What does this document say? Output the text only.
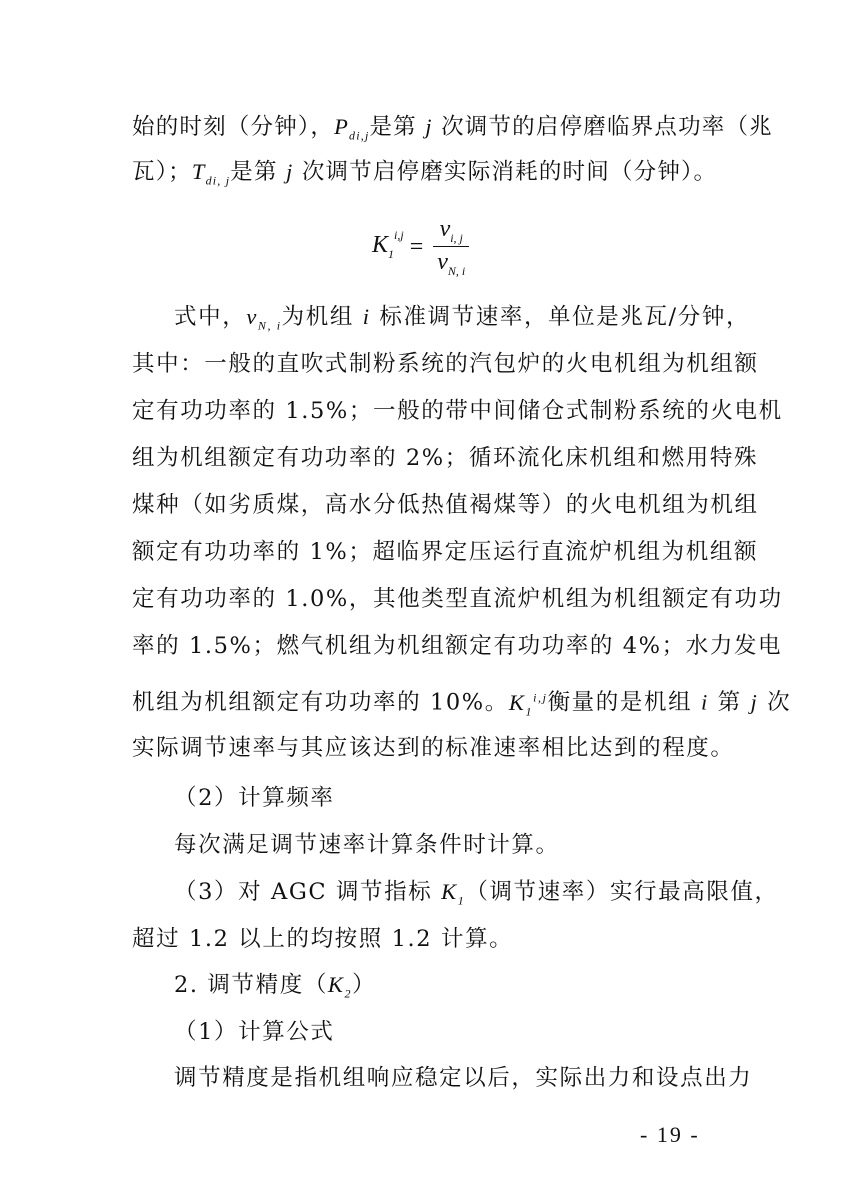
始的时刻（分钟），$P_{di,j}$是第 j 次调节的启停磨临界点功率（兆
瓦）；$T_{di, j}$是第 j 次调节启停磨实际消耗的时间（分钟）。
$K_1^{i,j} = \frac{v_{i, j}}{v_{N, i}}$
式中，$v_{N, i}$为机组 i 标准调节速率，单位是兆瓦/分钟，
其中：一般的直吹式制粉系统的汽包炉的火电机组为机组额
定有功功率的 1.5%；一般的带中间储仓式制粉系统的火电机
组为机组额定有功功率的 2%；循环流化床机组和燃用特殊
煤种（如劣质煤，高水分低热值褐煤等）的火电机组为机组
额定有功功率的 1%；超临界定压运行直流炉机组为机组额
定有功功率的 1.0%，其他类型直流炉机组为机组额定有功功
率的 1.5%；燃气机组为机组额定有功功率的 4%；水力发电
机组为机组额定有功功率的 10%。$K_1^{i,j}$衡量的是机组 i 第 j 次
实际调节速率与其应该达到的标准速率相比达到的程度。
（2）计算频率
每次满足调节速率计算条件时计算。
（3）对 AGC 调节指标 $K_1$（调节速率）实行最高限值，
超过 1.2 以上的均按照 1.2 计算。
2. 调节精度$(K_2)$
（1）计算公式
调节精度是指机组响应稳定以后，实际出力和设点出力
- 19 -
